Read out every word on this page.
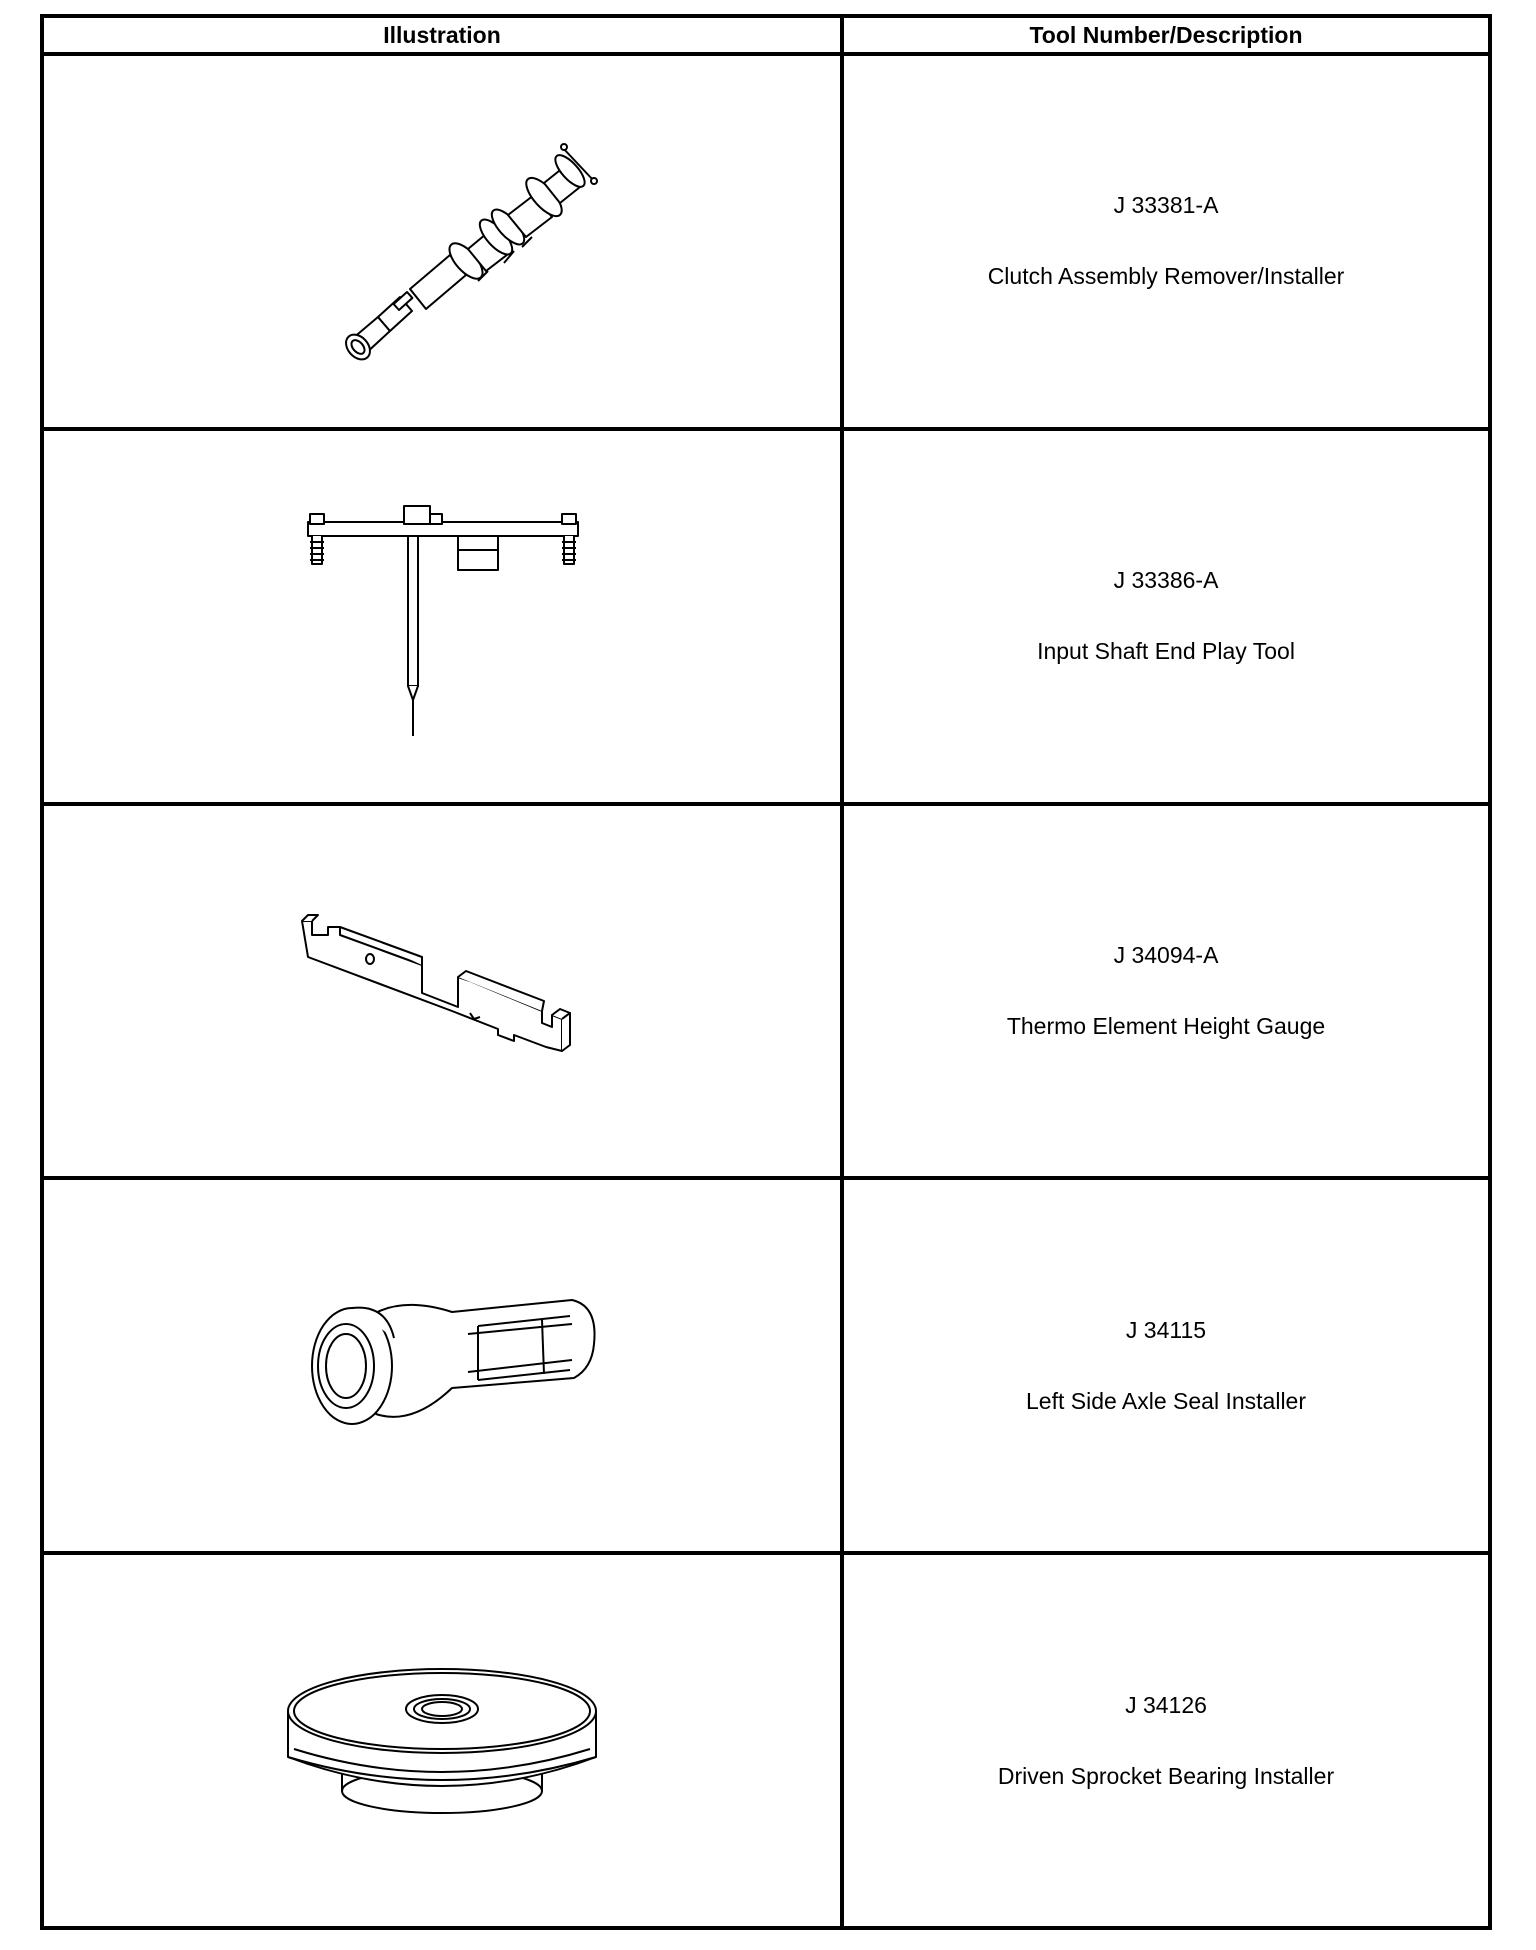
Illustration	Tool Number/Description

J 33381-A
Clutch Assembly Remover/Installer

J 33386-A
Input Shaft End Play Tool

J 34094-A
Thermo Element Height Gauge

J 34115
Left Side Axle Seal Installer

J 34126
Driven Sprocket Bearing Installer
